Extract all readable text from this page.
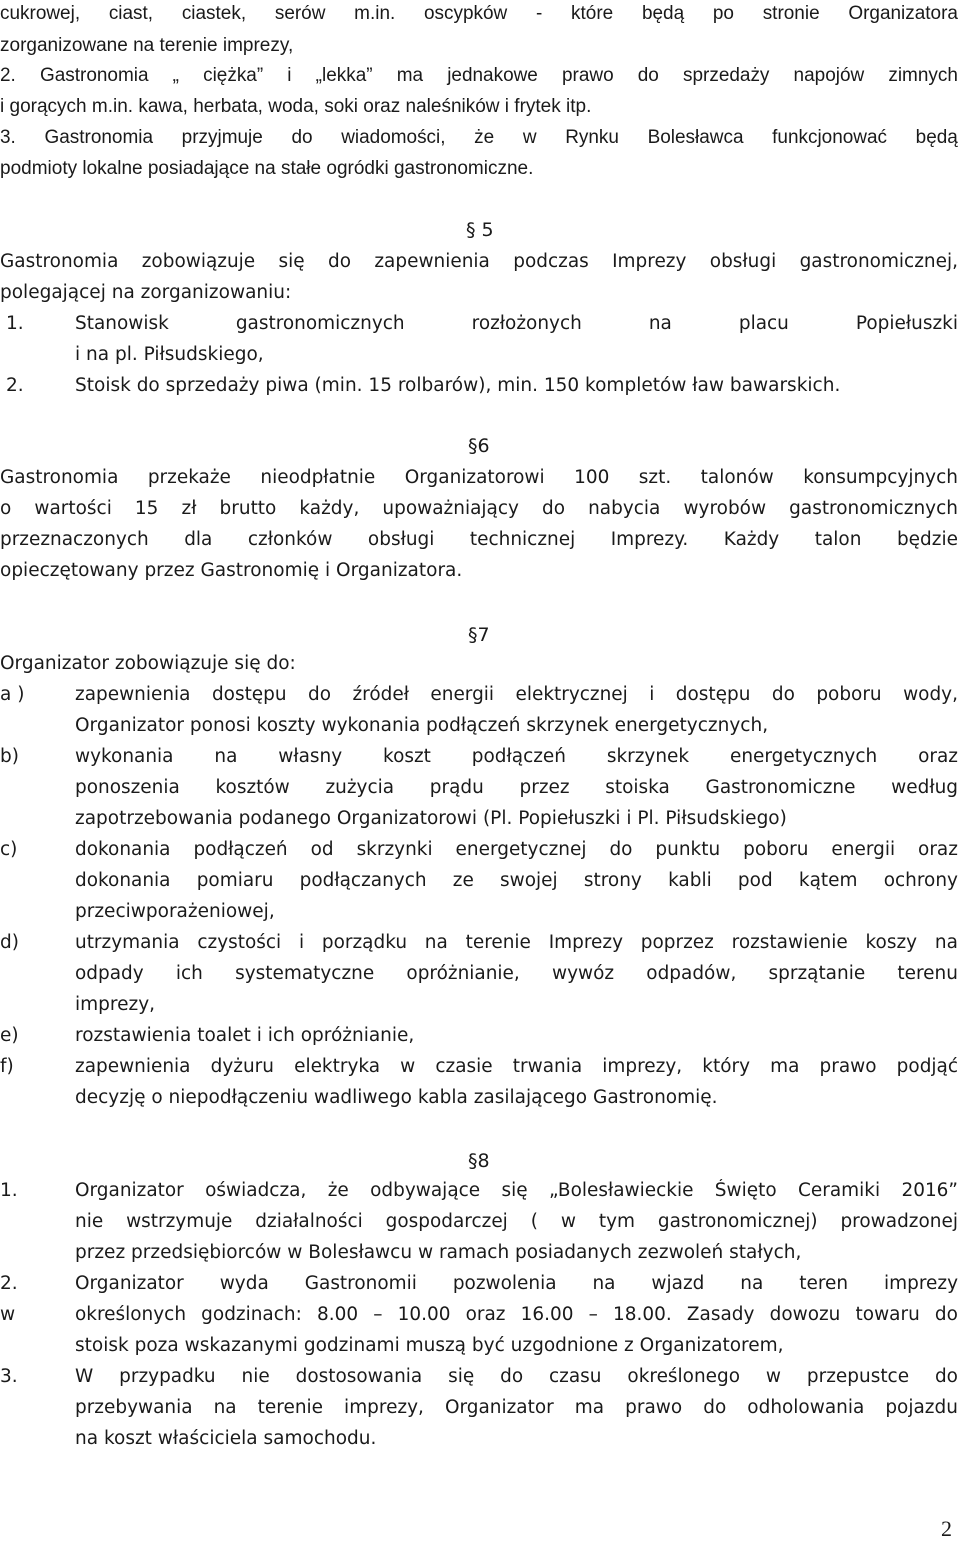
cukrowej, ciast, ciastek, serów m.in. oscypków - które będą po stronie Organizatora
zorganizowane na terenie imprezy,
2. Gastronomia „ ciężka” i „lekka” ma jednakowe prawo do sprzedaży napojów zimnych
i gorących m.in. kawa, herbata, woda, soki oraz naleśników i frytek itp.
3. Gastronomia przyjmuje do wiadomości, że w Rynku Bolesławca funkcjonować będą
podmioty lokalne posiadające na stałe ogródki gastronomiczne.
§ 5
Gastronomia zobowiązuje się do zapewnienia podczas Imprezy obsługi gastronomicznej,
polegającej na zorganizowaniu:
1.	Stanowisk	gastronomicznych	rozłożonych	na	placu	Popiełuszki
i na pl. Piłsudskiego,
2.	Stoisk do sprzedaży piwa (min. 15 rolbarów), min. 150 kompletów ław bawarskich.
§6
Gastronomia przekaże nieodpłatnie Organizatorowi 100 szt. talonów konsumpcyjnych
o wartości 15 zł brutto każdy, upoważniający do nabycia wyrobów gastronomicznych
przeznaczonych dla członków obsługi technicznej Imprezy. Każdy talon będzie
opieczętowany przez Gastronomię i Organizatora.
§7
Organizator zobowiązuje się do:
a )	zapewnienia dostępu do źródeł energii elektrycznej i dostępu do poboru wody,
Organizator ponosi koszty wykonania podłączeń skrzynek energetycznych,
b)	wykonania na własny koszt podłączeń skrzynek energetycznych oraz
ponoszenia kosztów zużycia prądu przez stoiska Gastronomiczne według
zapotrzebowania podanego Organizatorowi (Pl. Popiełuszki i Pl. Piłsudskiego)
c)	dokonania podłączeń od skrzynki energetycznej do punktu poboru energii oraz
dokonania pomiaru podłączanych ze swojej strony kabli pod kątem ochrony
przeciwporażeniowej,
d)	utrzymania czystości i porządku na terenie Imprezy poprzez rozstawienie koszy na
odpady ich systematyczne opróżnianie, wywóz odpadów, sprzątanie terenu
imprezy,
e)	rozstawienia toalet i ich opróżnianie,
f)	zapewnienia dyżuru elektryka w czasie trwania imprezy, który ma prawo podjąć
decyzję o niepodłączeniu wadliwego kabla zasilającego Gastronomię.
§8
1.	Organizator oświadcza, że odbywające się „Bolesławieckie Święto Ceramiki 2016”
nie wstrzymuje działalności gospodarczej ( w tym gastronomicznej) prowadzonej
przez przedsiębiorców w Bolesławcu w ramach posiadanych zezwoleń stałych,
2.	Organizator wyda Gastronomii pozwolenia na wjazd na teren imprezy
w	określonych godzinach: 8.00 – 10.00 oraz 16.00 – 18.00. Zasady dowozu towaru do
stoisk poza wskazanymi godzinami muszą być uzgodnione z Organizatorem,
3.	W przypadku nie dostosowania się do czasu określonego w przepustce do
przebywania na terenie imprezy, Organizator ma prawo do odholowania pojazdu
na koszt właściciela samochodu.
2
